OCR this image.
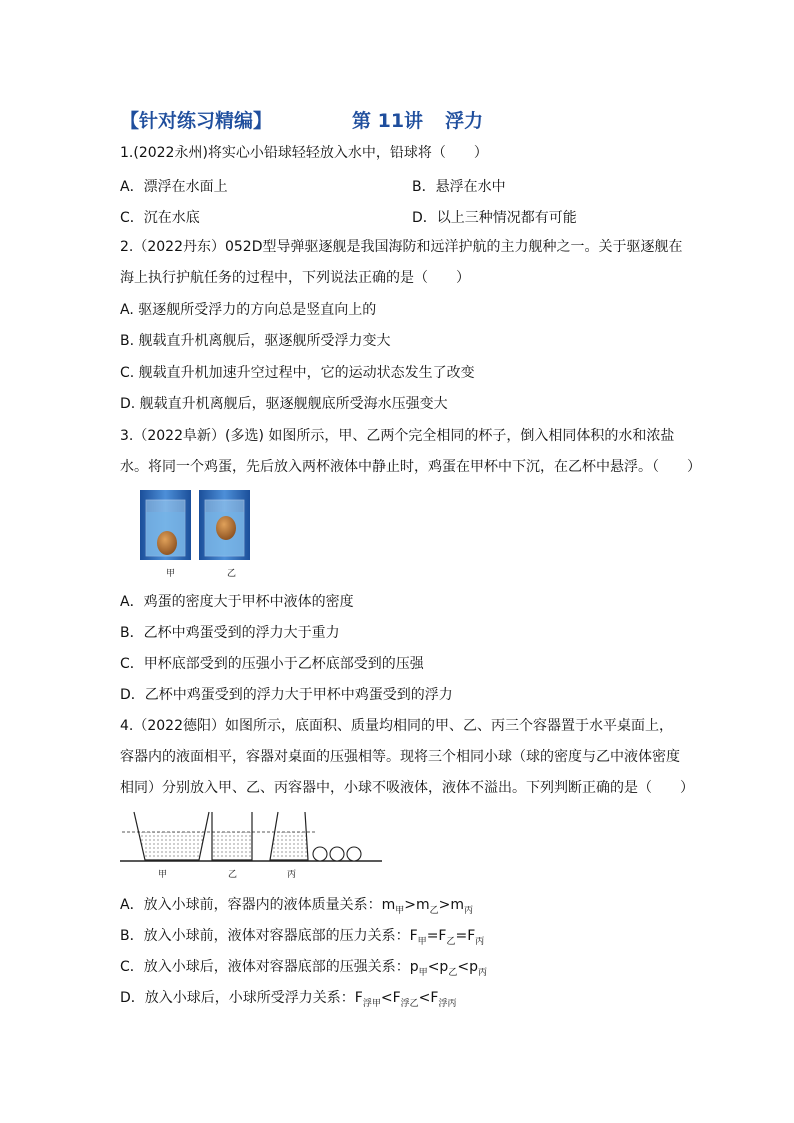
【针对练习精编】	第 11讲 浮力
1.(2022永州)将实心小铅球轻轻放入水中，铅球将（　　）
A．漂浮在水面上	B．悬浮在水中
C．沉在水底	D．以上三种情况都有可能
2.（2022丹东）052D型导弹驱逐舰是我国海防和远洋护航的主力舰种之一。关于驱逐舰在
海上执行护航任务的过程中，下列说法正确的是（　　）
A. 驱逐舰所受浮力的方向总是竖直向上的
B. 舰载直升机离舰后，驱逐舰所受浮力变大
C. 舰载直升机加速升空过程中，它的运动状态发生了改变
D. 舰载直升机离舰后，驱逐舰舰底所受海水压强变大
3.（2022阜新）(多选) 如图所示，甲、乙两个完全相同的杯子，倒入相同体积的水和浓盐
水。将同一个鸡蛋，先后放入两杯液体中静止时，鸡蛋在甲杯中下沉，在乙杯中悬浮。（　　）
甲	乙
A．鸡蛋的密度大于甲杯中液体的密度
B．乙杯中鸡蛋受到的浮力大于重力
C．甲杯底部受到的压强小于乙杯底部受到的压强
D．乙杯中鸡蛋受到的浮力大于甲杯中鸡蛋受到的浮力
4.（2022德阳）如图所示，底面积、质量均相同的甲、乙、丙三个容器置于水平桌面上，
容器内的液面相平，容器对桌面的压强相等。现将三个相同小球（球的密度与乙中液体密度
相同）分别放入甲、乙、丙容器中，小球不吸液体，液体不溢出。下列判断正确的是（　　）
甲	乙	丙
A．放入小球前，容器内的液体质量关系：$m_甲>m_乙>m_丙$
B．放入小球前，液体对容器底部的压力关系：$F_甲=F_乙=F_丙$
C．放入小球后，液体对容器底部的压强关系：$p_甲<p_乙<p_丙$
D．放入小球后，小球所受浮力关系：$F_{浮甲}<F_{浮乙}<F_{浮丙}$
